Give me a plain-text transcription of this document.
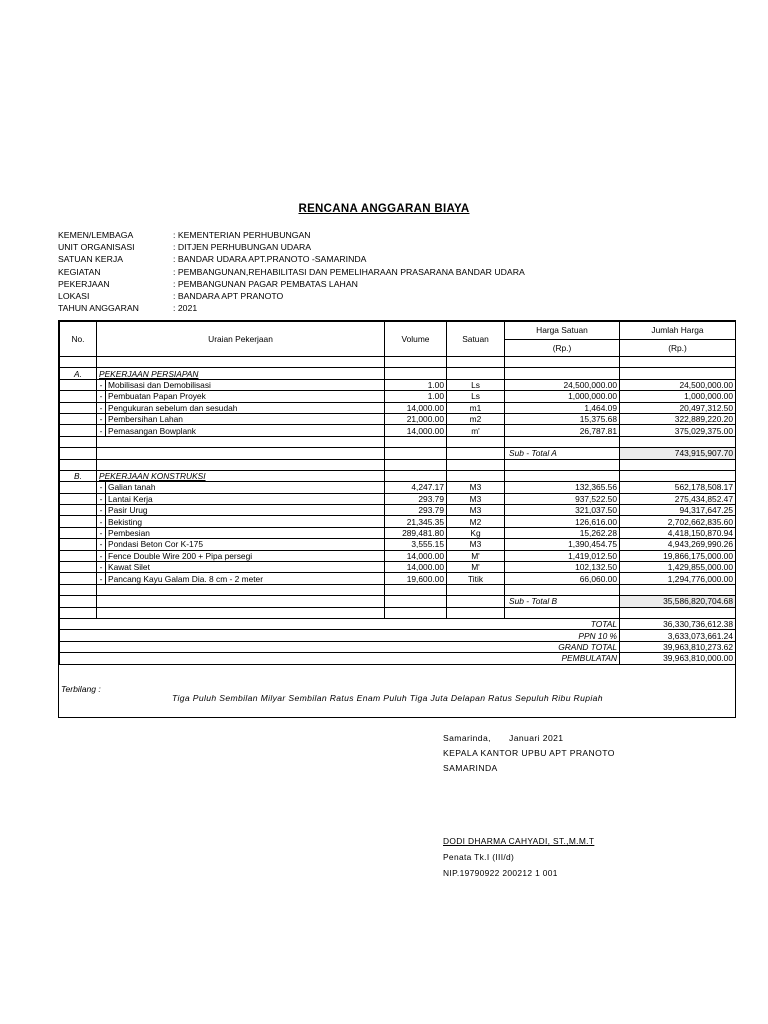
RENCANA ANGGARAN BIAYA
KEMEN/LEMBAGA	: KEMENTERIAN PERHUBUNGAN
UNIT ORGANISASI	: DITJEN PERHUBUNGAN UDARA
SATUAN KERJA	: BANDAR UDARA APT.PRANOTO -SAMARINDA
KEGIATAN	: PEMBANGUNAN,REHABILITASI DAN PEMELIHARAAN PRASARANA BANDAR UDARA
PEKERJAAN	: PEMBANGUNAN PAGAR PEMBATAS LAHAN
LOKASI	: BANDARA APT PRANOTO
TAHUN ANGGARAN	: 2021
No.	Uraian Pekerjaan		Volume	Satuan	Harga Satuan	Jumlah Harga
					(Rp.)	(Rp.)

A.	PEKERJAAN PERSIAPAN					
	-	Mobilisasi dan Demobilisasi	1.00	Ls	24,500,000.00	24,500,000.00
	-	Pembuatan Papan Proyek	1.00	Ls	1,000,000.00	1,000,000.00
	-	Pengukuran sebelum dan sesudah	14,000.00	m1	1,464.09	20,497,312.50
	-	Pembersihan Lahan	21,000.00	m2	15,375.68	322,889,220.20
	-	Pemasangan Bowplank	14,000.00	m'	26,787.81	375,029,375.00

					Sub - Total A	743,915,907.70

B.	PEKERJAAN KONSTRUKSI					
	-	Galian tanah	4,247.17	M3	132,365.56	562,178,508.17
	-	Lantai Kerja	293.79	M3	937,522.50	275,434,852.47
	-	Pasir Urug	293.79	M3	321,037.50	94,317,647.25
	-	Bekisting	21,345.35	M2	126,616.00	2,702,662,835.60
	-	Pembesian	289,481.80	Kg	15,262.28	4,418,150,870.94
	-	Pondasi Beton Cor K-175	3,555.15	M3	1,390,454.75	4,943,269,990.26
	-	Fence Double Wire 200 + Pipa persegi	14,000.00	M'	1,419,012.50	19,866,175,000.00
	-	Kawat Silet	14,000.00	M'	102,132.50	1,429,855,000.00
	-	Pancang Kayu Galam Dia. 8 cm - 2 meter	19,600.00	Titik	66,060.00	1,294,776,000.00

					Sub - Total B	35,586,820,704.68

TOTAL						36,330,736,612.38
PPN 10 %						3,633,073,661.24
GRAND TOTAL						39,963,810,273.62
PEMBULATAN						39,963,810,000.00
Terbilang :
Tiga Puluh Sembilan Milyar Sembilan Ratus Enam Puluh Tiga Juta Delapan Ratus Sepuluh Ribu Rupiah
Samarinda,	Januari 2021
KEPALA KANTOR UPBU APT PRANOTO
SAMARINDA
DODI DHARMA CAHYADI, ST.,M.M.T
Penata Tk.I (III/d)
NIP.19790922 200212 1 001
